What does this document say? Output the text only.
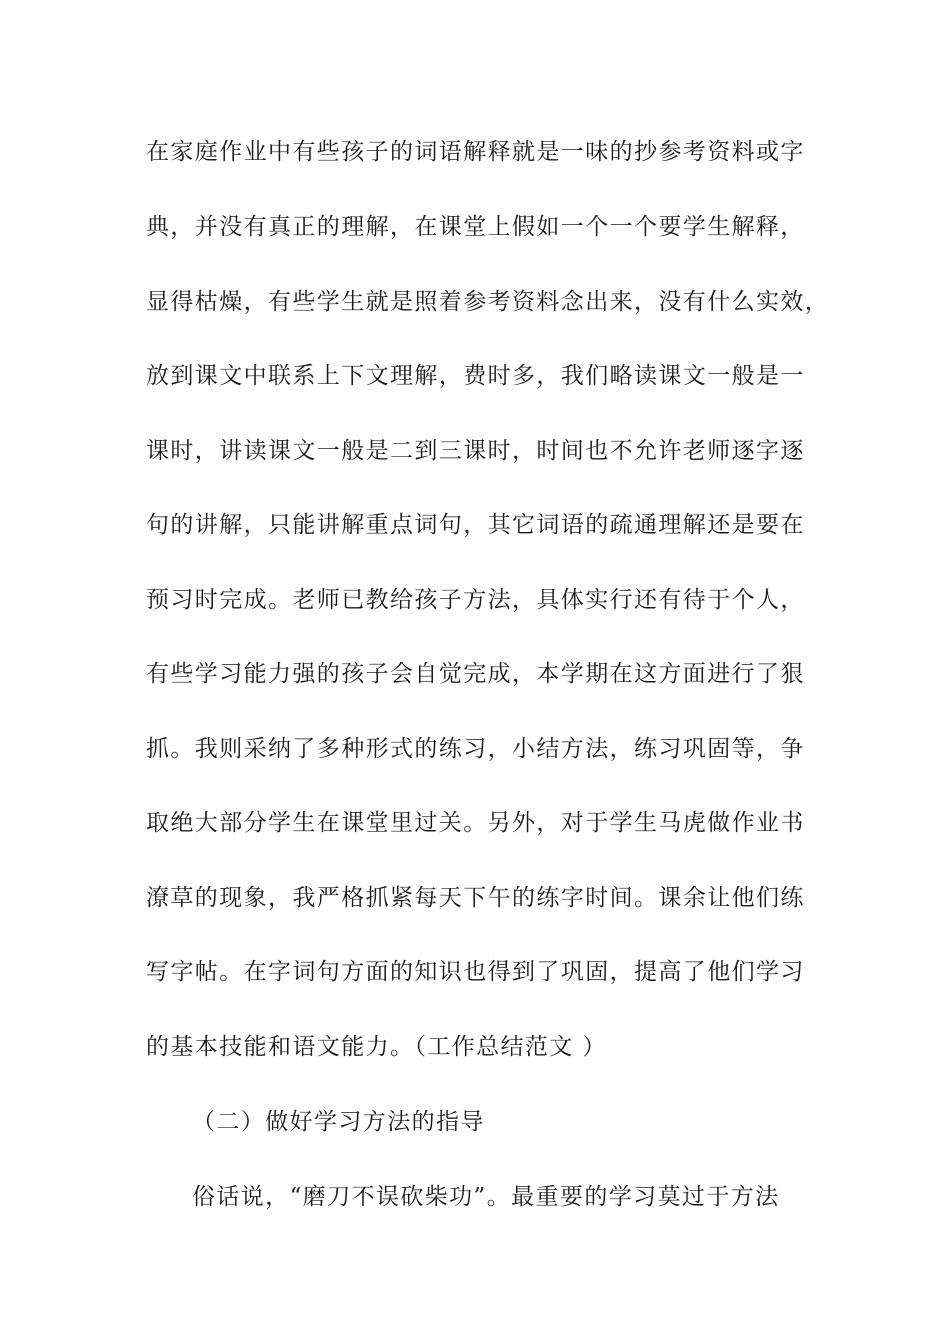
在家庭作业中有些孩子的词语解释就是一味的抄参考资料或字
典，并没有真正的理解，在课堂上假如一个一个要学生解释，
显得枯燥，有些学生就是照着参考资料念出来，没有什么实效，
放到课文中联系上下文理解，费时多，我们略读课文一般是一
课时，讲读课文一般是二到三课时，时间也不允许老师逐字逐
句的讲解，只能讲解重点词句，其它词语的疏通理解还是要在
预习时完成。老师已教给孩子方法，具体实行还有待于个人，
有些学习能力强的孩子会自觉完成，本学期在这方面进行了狠
抓。我则采纳了多种形式的练习，小结方法，练习巩固等，争
取绝大部分学生在课堂里过关。另外，对于学生马虎做作业书
潦草的现象，我严格抓紧每天下午的练字时间。课余让他们练
写字帖。在字词句方面的知识也得到了巩固，提高了他们学习
的基本技能和语文能力。（工作总结范文 ）
（二）做好学习方法的指导
俗话说，“磨刀不误砍柴功”。最重要的学习莫过于方法
